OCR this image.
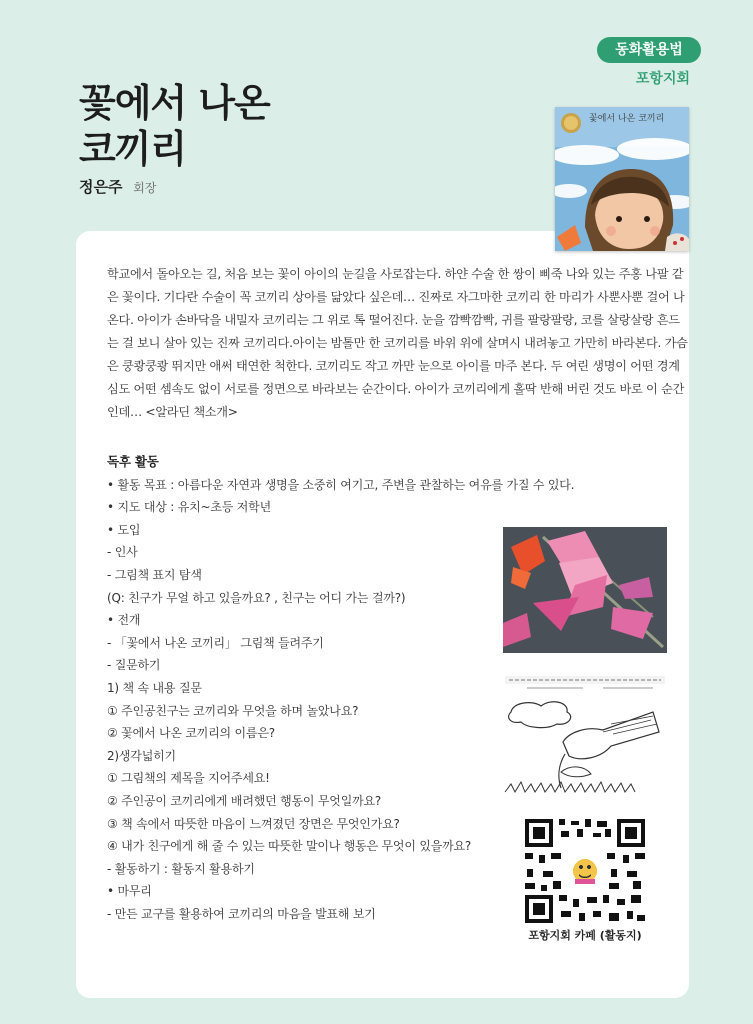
동화활용법
포항지회
꽃에서 나온
코끼리
정은주 회장
꽃에서 나온 코끼리

학교에서 돌아오는 길, 처음 보는 꽃이 아이의 눈길을 사로잡는다. 하얀 수술 한 쌍이 삐죽 나와 있는 주홍 나팔 같은 꽃이다. 기다란 수술이 꼭 코끼리 상아를 닮았다 싶은데… 진짜로 자그마한 코끼리 한 마리가 사뿐사뿐 걸어 나온다. 아이가 손바닥을 내밀자 코끼리는 그 위로 톡 떨어진다. 눈을 깜빡깜빡, 귀를 팔랑팔랑, 코를 살랑살랑 흔드는 걸 보니 살아 있는 진짜 코끼리다.아이는 밤톨만 한 코끼리를 바위 위에 살며시 내려놓고 가만히 바라본다. 가슴은 쿵쾅쿵쾅 뛰지만 애써 태연한 척한다. 코끼리도 작고 까만 눈으로 아이를 마주 본다. 두 여린 생명이 어떤 경계심도 어떤 셈속도 없이 서로를 정면으로 바라보는 순간이다. 아이가 코끼리에게 홀딱 반해 버린 것도 바로 이 순간인데… <알라딘 책소개>

독후 활동
• 활동 목표 : 아름다운 자연과 생명을 소중히 여기고, 주변을 관찰하는 여유를 가질 수 있다.
• 지도 대상 : 유치~초등 저학년
• 도입
- 인사
- 그림책 표지 탐색
(Q: 친구가 무얼 하고 있을까요? , 친구는 어디 가는 걸까?)
• 전개
- 「꽃에서 나온 코끼리」 그림책 들려주기
- 질문하기
1) 책 속 내용 질문
① 주인공친구는 코끼리와 무엇을 하며 놀았나요?
② 꽃에서 나온 코끼리의 이름은?
2)생각넓히기
① 그림책의 제목을 지어주세요!
② 주인공이 코끼리에게 배려했던 행동이 무엇일까요?
③ 책 속에서 따뜻한 마음이 느껴졌던 장면은 무엇인가요?
④ 내가 친구에게 해 줄 수 있는 따뜻한 말이나 행동은 무엇이 있을까요?
- 활동하기 : 활동지 활용하기
• 마무리
- 만든 교구를 활용하여 코끼리의 마음을 발표해 보기
포항지회 카페 (활동지)
